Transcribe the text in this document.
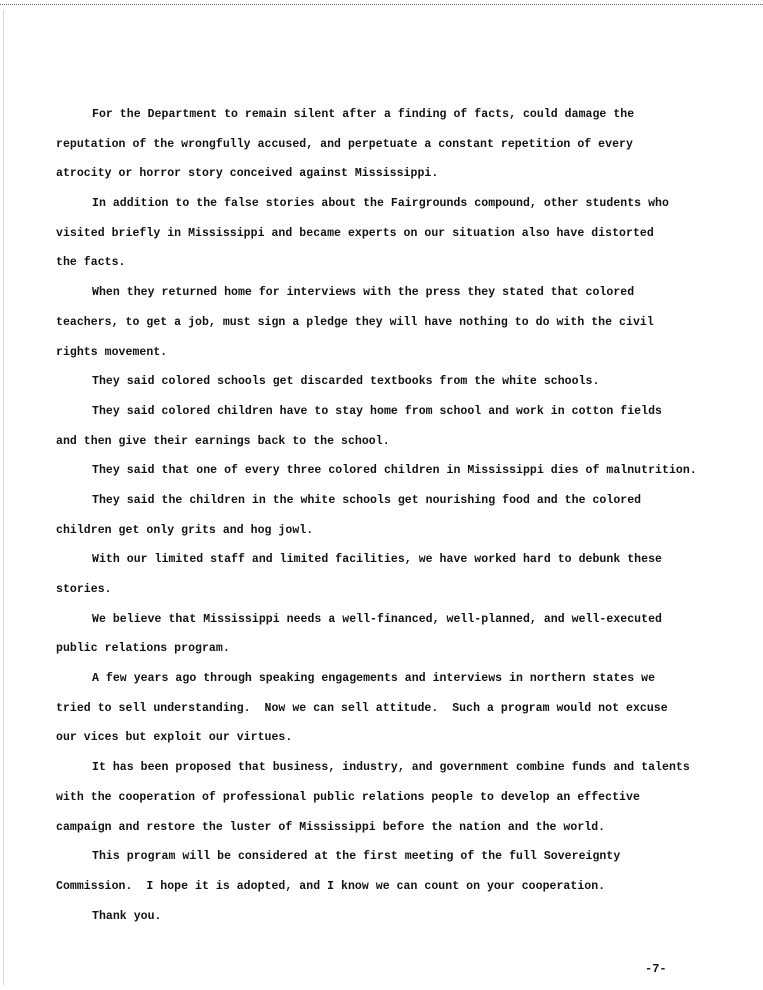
For the Department to remain silent after a finding of facts, could damage the
reputation of the wrongfully accused, and perpetuate a constant repetition of every
atrocity or horror story conceived against Mississippi.
In addition to the false stories about the Fairgrounds compound, other students who
visited briefly in Mississippi and became experts on our situation also have distorted
the facts.
When they returned home for interviews with the press they stated that colored
teachers, to get a job, must sign a pledge they will have nothing to do with the civil
rights movement.
They said colored schools get discarded textbooks from the white schools.
They said colored children have to stay home from school and work in cotton fields
and then give their earnings back to the school.
They said that one of every three colored children in Mississippi dies of malnutrition.
They said the children in the white schools get nourishing food and the colored
children get only grits and hog jowl.
With our limited staff and limited facilities, we have worked hard to debunk these
stories.
We believe that Mississippi needs a well-financed, well-planned, and well-executed
public relations program.
A few years ago through speaking engagements and interviews in northern states we
tried to sell understanding.  Now we can sell attitude.  Such a program would not excuse
our vices but exploit our virtues.
It has been proposed that business, industry, and government combine funds and talents
with the cooperation of professional public relations people to develop an effective
campaign and restore the luster of Mississippi before the nation and the world.
This program will be considered at the first meeting of the full Sovereignty
Commission.  I hope it is adopted, and I know we can count on your cooperation.
Thank you.
-7-
